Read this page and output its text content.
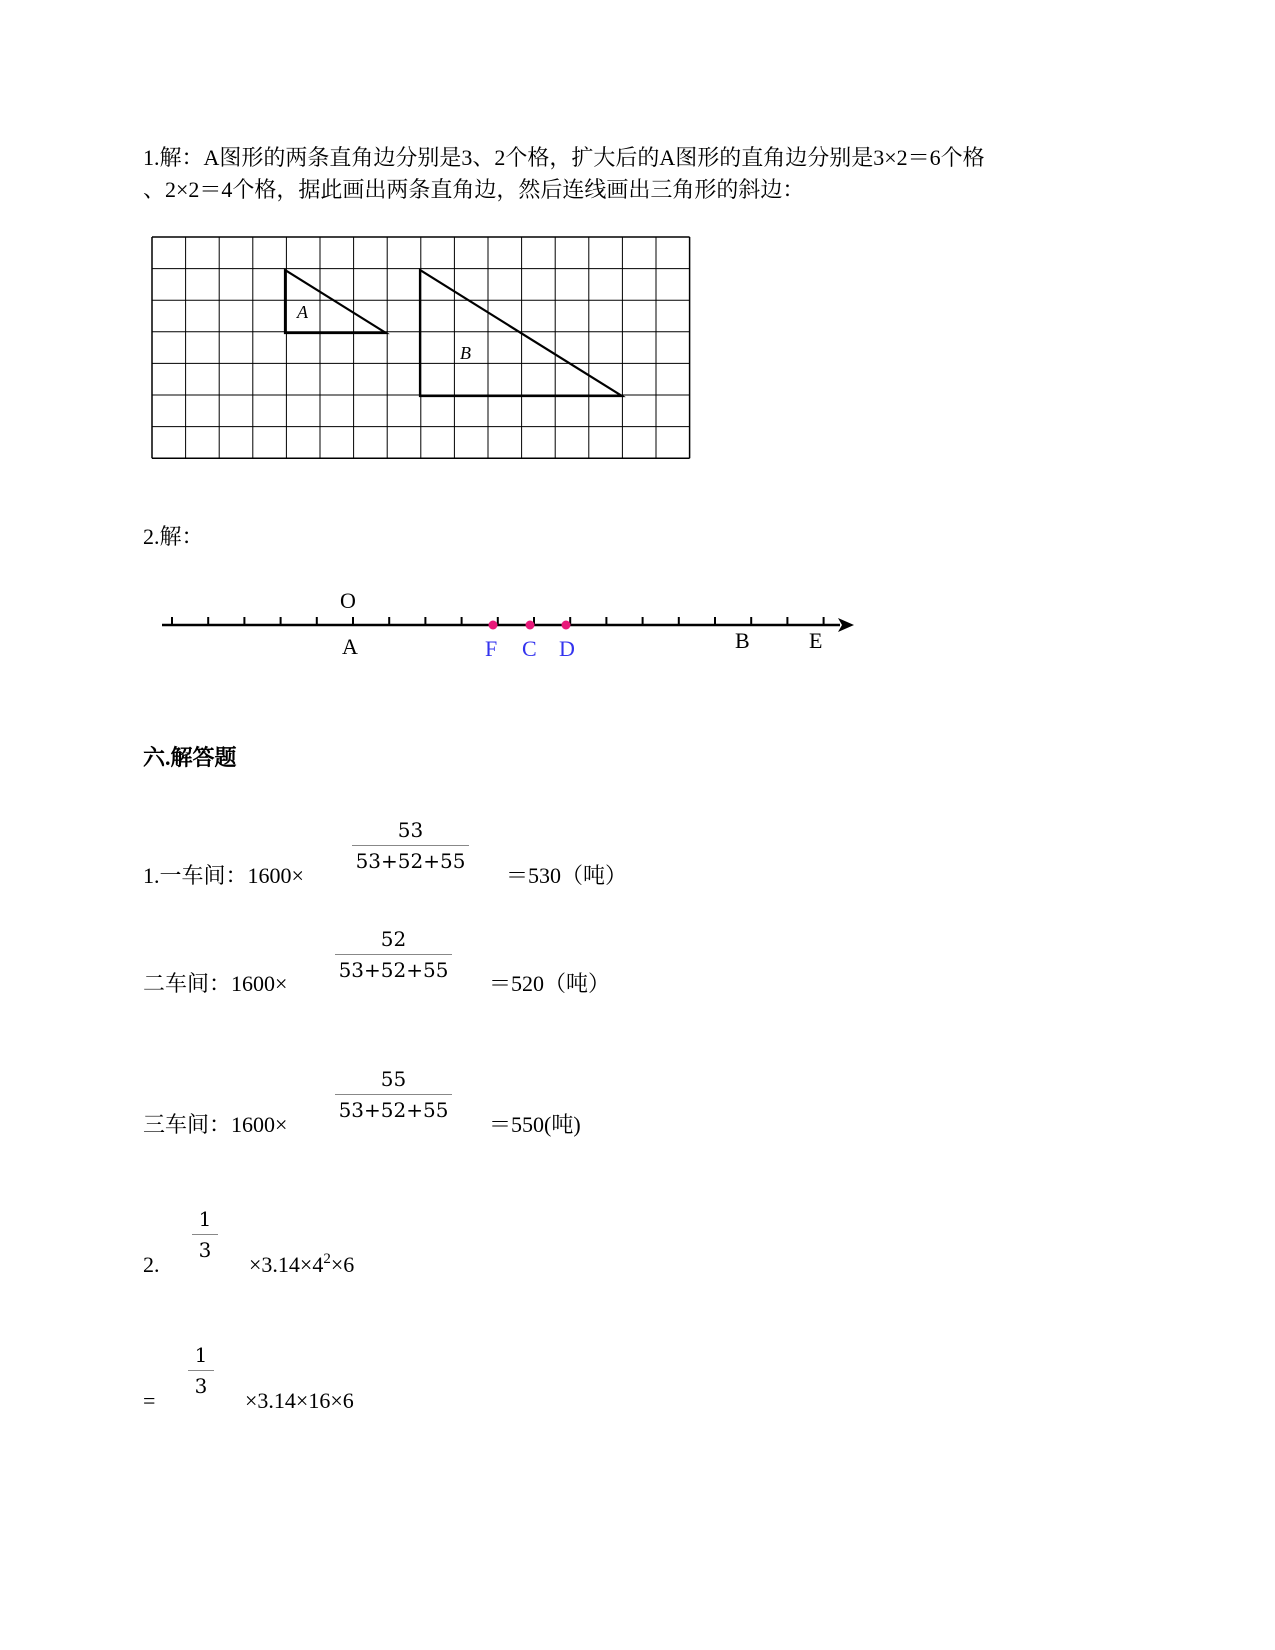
1.解：A图形的两条直角边分别是3、2个格，扩大后的A图形的直角边分别是3×2＝6个格
、2×2＝4个格，据此画出两条直角边，然后连线画出三角形的斜边：
A
B
2.解：
O
A	F C D	B	E
六.解答题
1.一车间：1600×
53
53+52+55
＝530（吨）
二车间：1600×
52
53+52+55
＝520（吨）
三车间：1600×
55
53+52+55
＝550(吨)
2.
1
3
$\times 3.14\times 4^2\times 6$
=
1
3
×3.14×16×6
